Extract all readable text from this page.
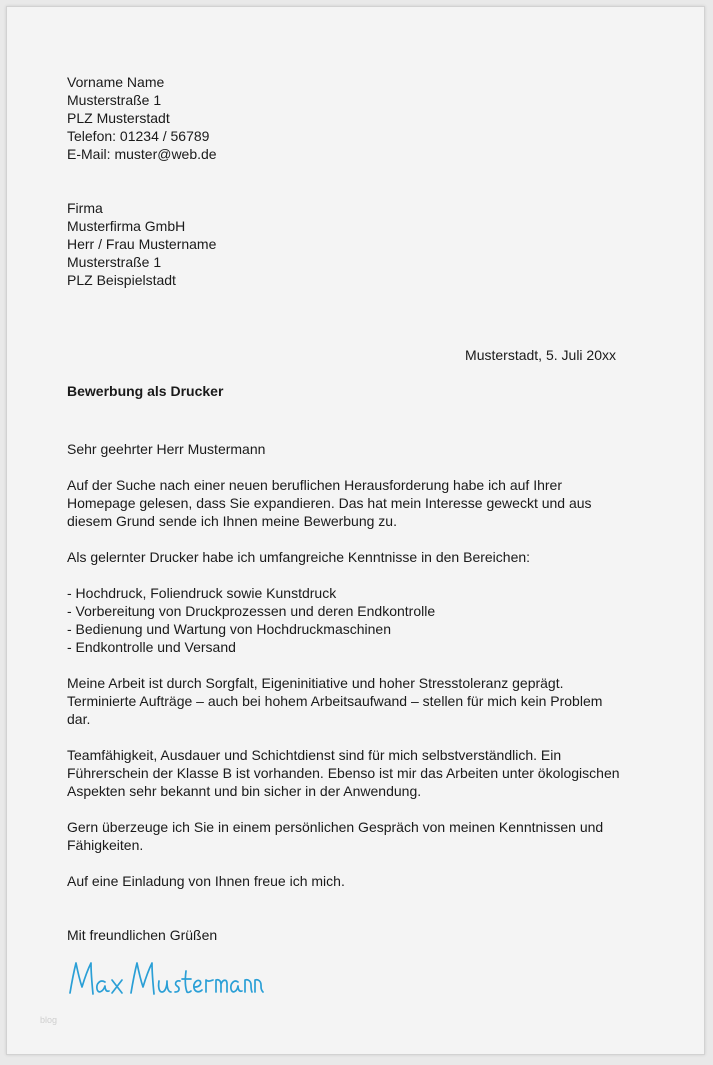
Vorname Name
Musterstraße 1
PLZ Musterstadt
Telefon: 01234 / 56789
E-Mail: muster@web.de
Firma
Musterfirma GmbH
Herr / Frau Mustername
Musterstraße 1
PLZ Beispielstadt
Musterstadt, 5. Juli 20xx
Bewerbung als Drucker
Sehr geehrter Herr Mustermann
Auf der Suche nach einer neuen beruflichen Herausforderung habe ich auf Ihrer
Homepage gelesen, dass Sie expandieren. Das hat mein Interesse geweckt und aus
diesem Grund sende ich Ihnen meine Bewerbung zu.
Als gelernter Drucker habe ich umfangreiche Kenntnisse in den Bereichen:
- Hochdruck, Foliendruck sowie Kunstdruck
- Vorbereitung von Druckprozessen und deren Endkontrolle
- Bedienung und Wartung von Hochdruckmaschinen
- Endkontrolle und Versand
Meine Arbeit ist durch Sorgfalt, Eigeninitiative und hoher Stresstoleranz geprägt.
Terminierte Aufträge – auch bei hohem Arbeitsaufwand – stellen für mich kein Problem
dar.
Teamfähigkeit, Ausdauer und Schichtdienst sind für mich selbstverständlich. Ein
Führerschein der Klasse B ist vorhanden. Ebenso ist mir das Arbeiten unter ökologischen
Aspekten sehr bekannt und bin sicher in der Anwendung.
Gern überzeuge ich Sie in einem persönlichen Gespräch von meinen Kenntnissen und
Fähigkeiten.
Auf eine Einladung von Ihnen freue ich mich.
Mit freundlichen Grüßen
blog
